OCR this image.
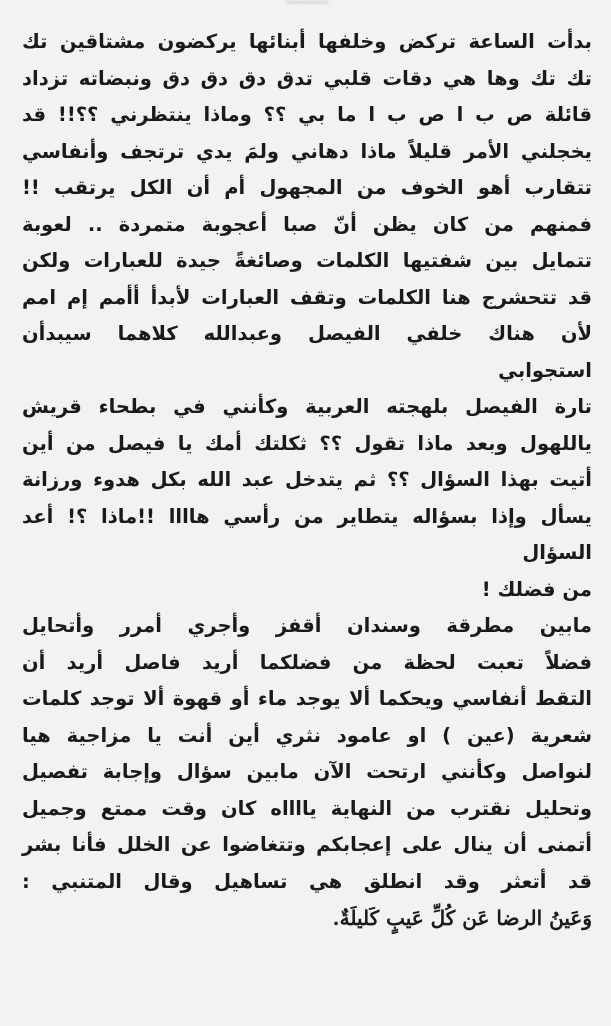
بدأت الساعة تركض وخلفها أبنائها يركضون مشتاقين تك
تك تك وها هي دقات قلبي تدق دق دق دق ونبضاته تزداد
قائلة ص ب ا ص ب ا ما بي ؟؟ وماذا ينتظرني ؟؟!! قد
يخجلني الأمر قليلاً ماذا دهاني ولمَ يدي ترتجف وأنفاسي
تتقارب أهو الخوف من المجهول أم أن الكل يرتقب !!
فمنهم من كان يظن أنّ صبا أعجوبة متمردة .. لعوبة
تتمايل بين شفتيها الكلمات وصائغةً جيدة للعبارات ولكن
قد تتحشرج هنا الكلمات وتقف العبارات لأبدأ أأمم إم امم
لأن هناك خلفي الفيصل وعبدالله كلاهما سيبدأن
استجوابي
تارة الفيصل بلهجته العربية وكأنني في بطحاء قريش
ياللهول وبعد ماذا تقول ؟؟ ثكلتك أمك يا فيصل من أين
أتيت بهذا السؤال ؟؟ ثم يتدخل عبد الله بكل هدوء ورزانة
يسأل وإذا بسؤاله يتطاير من رأسي هاااا !!ماذا ؟! أعد
السؤال
من فضلك !
مابين مطرقة وسندان أقفز وأجري أمرر وأتحايل
فضلاً تعبت لحظة من فضلكما أريد فاصل أريد أن
التقط أنفاسي ويحكما ألا يوجد ماء أو قهوة ألا توجد كلمات
شعرية (عين ) او عامود نثري أين أنت يا مزاجية هيا
لنواصل وكأنني ارتحت الآن مابين سؤال وإجابة تفصيل
وتحليل نقترب من النهاية يااااه كان وقت ممتع وجميل
أتمنى أن ينال على إعجابكم وتتغاضوا عن الخلل فأنا بشر
قد أتعثر وقد انطلق هي تساهيل وقال المتنبي :
وَعَينُ الرضا عَن كُلِّ عَيبٍ كَليلَةٌ.
